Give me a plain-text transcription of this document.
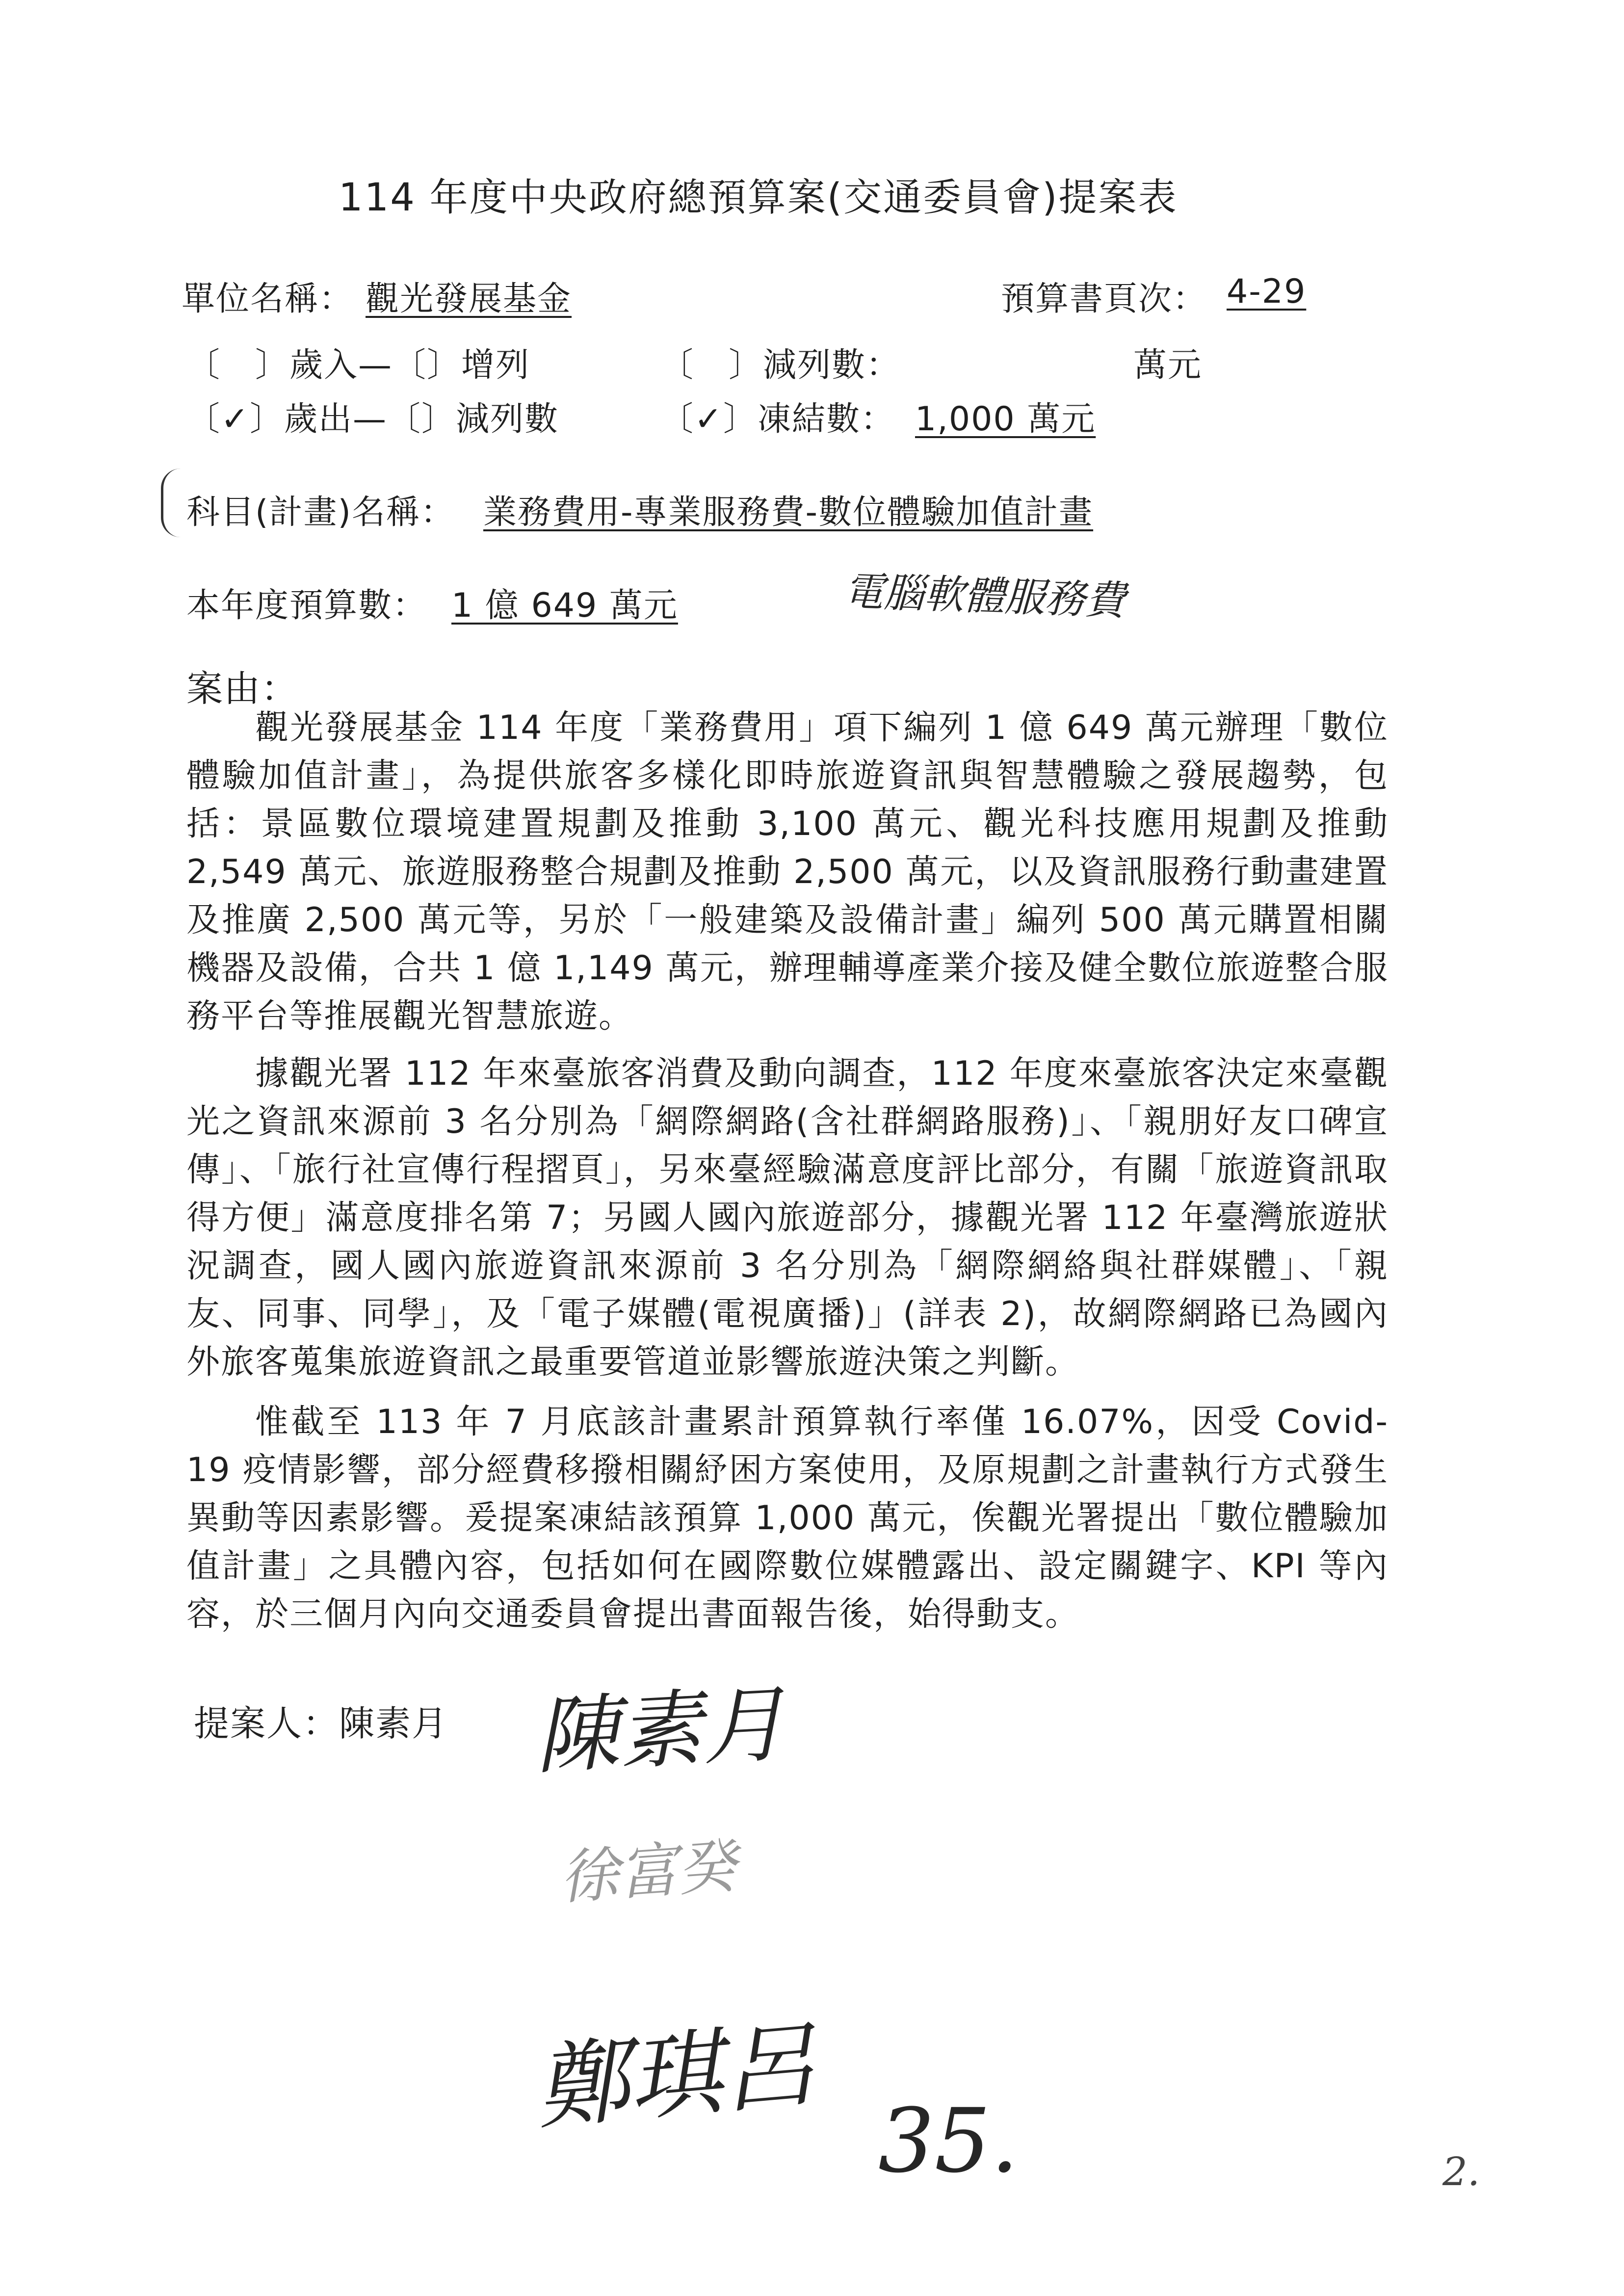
114 年度中央政府總預算案(交通委員會)提案表
單位名稱： 觀光發展基金	預算書頁次： 4-29
〔　〕歲入—〔〕增列	〔　〕減列數：	萬元
〔✓〕歲出—〔〕減列數	〔✓〕凍結數： 1,000 萬元
科目(計畫)名稱： 業務費用-專業服務費-數位體驗加值計畫
本年度預算數： 1 億 649 萬元	電腦軟體服務費
案由：
觀光發展基金 114 年度「業務費用」項下編列 1 億 649 萬元辦理「數位體驗加值計畫」，為提供旅客多樣化即時旅遊資訊與智慧體驗之發展趨勢，包括：景區數位環境建置規劃及推動 3,100 萬元、觀光科技應用規劃及推動 2,549 萬元、旅遊服務整合規劃及推動 2,500 萬元，以及資訊服務行動畫建置及推廣 2,500 萬元等，另於「一般建築及設備計畫」編列 500 萬元購置相關機器及設備，合共 1 億 1,149 萬元，辦理輔導產業介接及健全數位旅遊整合服務平台等推展觀光智慧旅遊。
據觀光署 112 年來臺旅客消費及動向調查，112 年度來臺旅客決定來臺觀光之資訊來源前 3 名分別為「網際網路(含社群網路服務)」、「親朋好友口碑宣傳」、「旅行社宣傳行程摺頁」，另來臺經驗滿意度評比部分，有關「旅遊資訊取得方便」滿意度排名第 7；另國人國內旅遊部分，據觀光署 112 年臺灣旅遊狀況調查，國人國內旅遊資訊來源前 3 名分別為「網際網絡與社群媒體」、「親友、同事、同學」，及「電子媒體(電視廣播)」(詳表 2)，故網際網路已為國內外旅客蒐集旅遊資訊之最重要管道並影響旅遊決策之判斷。
惟截至 113 年 7 月底該計畫累計預算執行率僅 16.07%，因受 Covid-19 疫情影響，部分經費移撥相關紓困方案使用，及原規劃之計畫執行方式發生異動等因素影響。爰提案凍結該預算 1,000 萬元，俟觀光署提出「數位體驗加值計畫」之具體內容，包括如何在國際數位媒體露出、設定關鍵字、KPI 等內容，於三個月內向交通委員會提出書面報告後，始得動支。
提案人：陳素月 陳素月
徐富癸
鄭琪呂 35.	2.
